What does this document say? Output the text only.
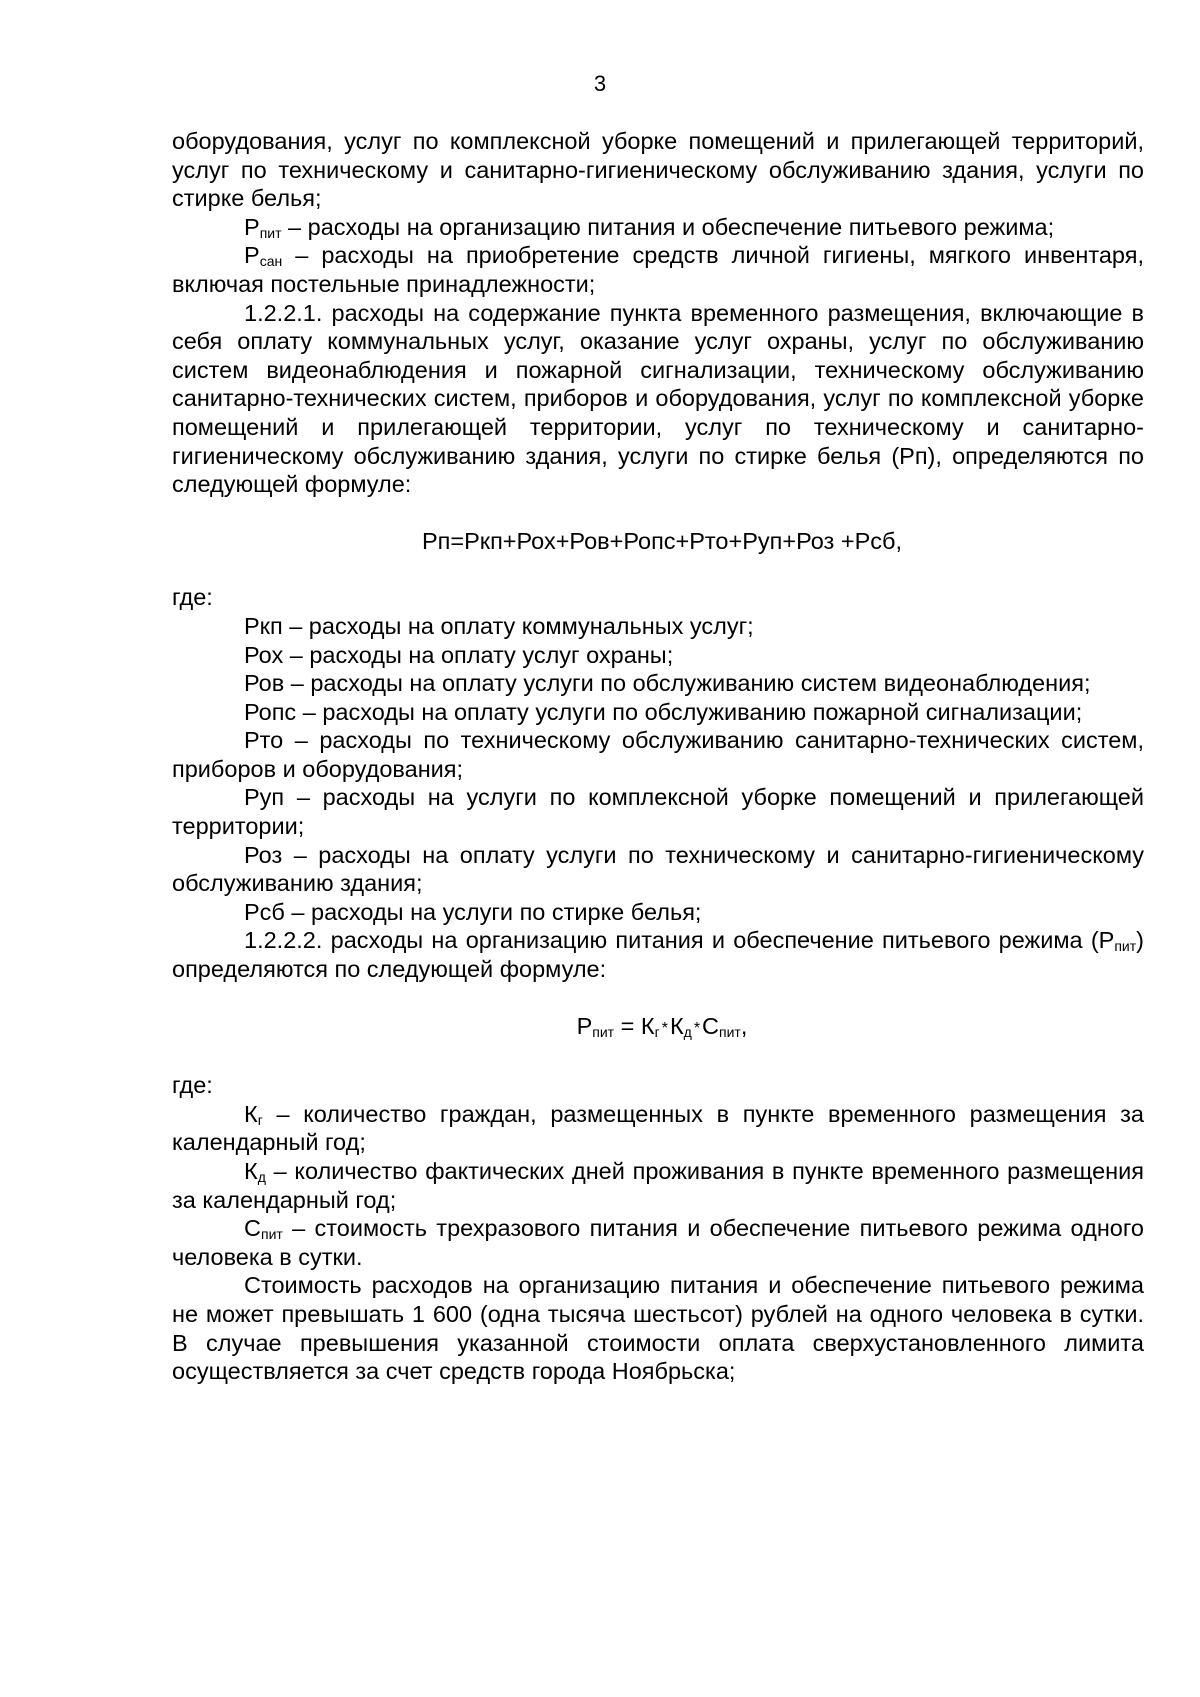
3

оборудования, услуг по комплексной уборке помещений и прилегающей территорий, услуг по техническому и санитарно-гигиеническому обслуживанию здания, услуги по стирке белья;

$P_{пит}$ – расходы на организацию питания и обеспечение питьевого режима;

$P_{сан}$ – расходы на приобретение средств личной гигиены, мягкого инвентаря, включая постельные принадлежности;

1.2.2.1. расходы на содержание пункта временного размещения, включающие в себя оплату коммунальных услуг, оказание услуг охраны, услуг по обслуживанию систем видеонаблюдения и пожарной сигнализации, техническому обслуживанию санитарно-технических систем, приборов и оборудования, услуг по комплексной уборке помещений и прилегающей территории, услуг по техническому и санитарно-гигиеническому обслуживанию здания, услуги по стирке белья (Рп), определяются по следующей формуле:

Рп=Ркп+Рох+Ров+Ропс+Рто+Руп+Роз +Рсб,

где:

Ркп – расходы на оплату коммунальных услуг;

Рох – расходы на оплату услуг охраны;

Ров – расходы на оплату услуги по обслуживанию систем видеонаблюдения;

Ропс – расходы на оплату услуги по обслуживанию пожарной сигнализации;

Рто – расходы по техническому обслуживанию санитарно-технических систем, приборов и оборудования;

Руп – расходы на услуги по комплексной уборке помещений и прилегающей территории;

Роз – расходы на оплату услуги по техническому и санитарно-гигиеническому обслуживанию здания;

Рсб – расходы на услуги по стирке белья;

1.2.2.2. расходы на организацию питания и обеспечение питьевого режима $(Р_{пит})$ определяются по следующей формуле:

$Р_{пит} = К_г$ $*К_д$ $*С_{пит}$,

где:

$К_г$ – количество граждан, размещенных в пункте временного размещения за календарный год;

$К_д$ – количество фактических дней проживания в пункте временного размещения за календарный год;

$С_{пит}$ – стоимость трехразового питания и обеспечение питьевого режима одного человека в сутки.

Стоимость расходов на организацию питания и обеспечение питьевого режима не может превышать 1 600 (одна тысяча шестьсот) рублей на одного человека в сутки. В случае превышения указанной стоимости оплата сверхустановленного лимита осуществляется за счет средств города Ноябрьска;
